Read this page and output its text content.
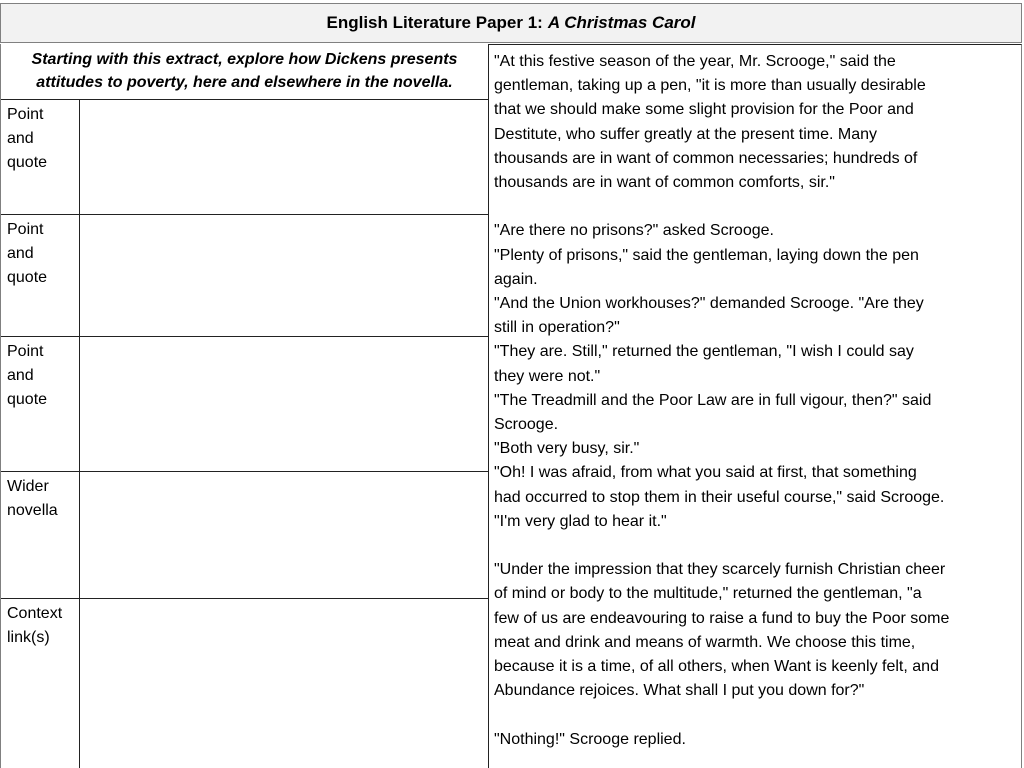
English Literature Paper 1: A Christmas Carol
Starting with this extract, explore how Dickens presents
attitudes to poverty, here and elsewhere in the novella.
Point
and
quote
Point
and
quote
Point
and
quote
Wider
novella
Context
link(s)

"At this festive season of the year, Mr. Scrooge," said the

gentleman, taking up a pen, "it is more than usually desirable

that we should make some slight provision for the Poor and

Destitute, who suffer greatly at the present time. Many

thousands are in want of common necessaries; hundreds of

thousands are in want of common comforts, sir."

"Are there no prisons?" asked Scrooge.

"Plenty of prisons," said the gentleman, laying down the pen

again.

"And the Union workhouses?" demanded Scrooge. "Are they

still in operation?"

"They are. Still," returned the gentleman, "I wish I could say

they were not."

"The Treadmill and the Poor Law are in full vigour, then?" said

Scrooge.

"Both very busy, sir."

"Oh! I was afraid, from what you said at first, that something

had occurred to stop them in their useful course," said Scrooge.

"I'm very glad to hear it."

"Under the impression that they scarcely furnish Christian cheer

of mind or body to the multitude," returned the gentleman, "a

few of us are endeavouring to raise a fund to buy the Poor some

meat and drink and means of warmth. We choose this time,

because it is a time, of all others, when Want is keenly felt, and

Abundance rejoices. What shall I put you down for?"

"Nothing!" Scrooge replied.
